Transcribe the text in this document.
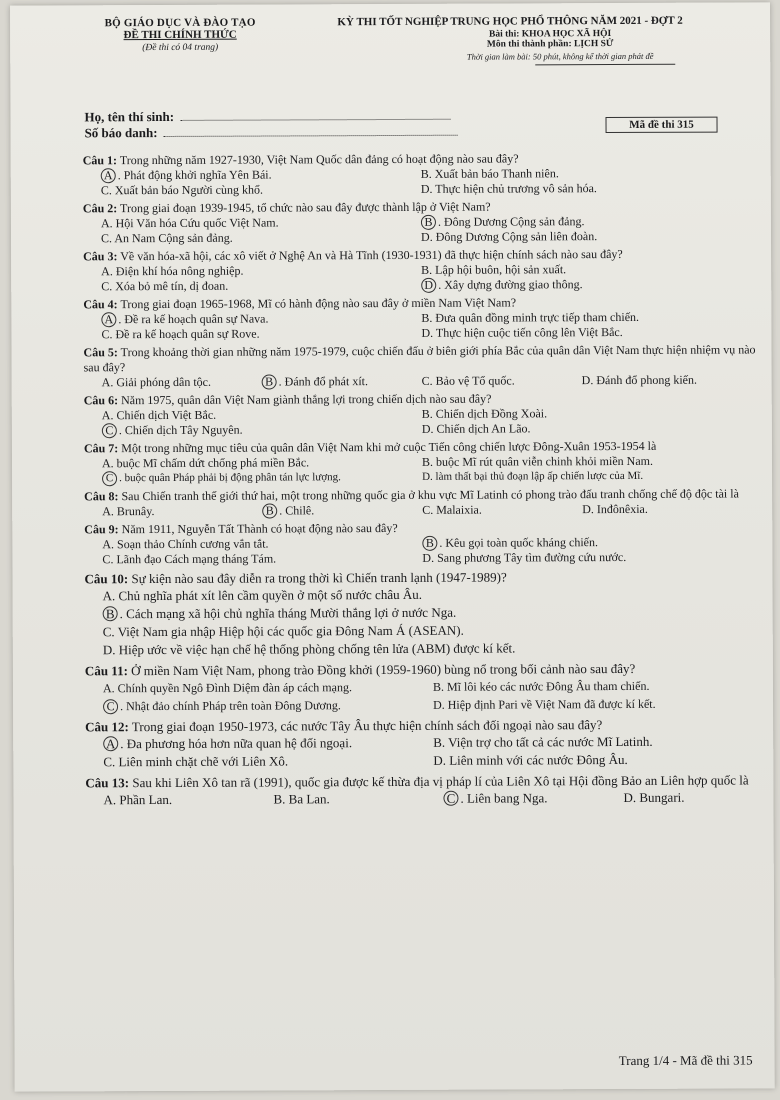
BỘ GIÁO DỤC VÀ ĐÀO TẠO
ĐỀ THI CHÍNH THỨC
(Đề thi có 04 trang)
KỲ THI TỐT NGHIỆP TRUNG HỌC PHỔ THÔNG NĂM 2021 - ĐỢT 2
Bài thi: KHOA HỌC XÃ HỘI
Môn thi thành phần: LỊCH SỬ
Thời gian làm bài: 50 phút, không kể thời gian phát đề
Họ, tên thí sinh:
Số báo danh:
Mã đề thi 315
Câu 1: Trong những năm 1927-1930, Việt Nam Quốc dân đảng có hoạt động nào sau đây?
A . Phát động khởi nghĩa Yên Bái.	B. Xuất bản báo Thanh niên.
C. Xuất bản báo Người cùng khổ.	D. Thực hiện chủ trương vô sản hóa.
Câu 2: Trong giai đoạn 1939-1945, tổ chức nào sau đây được thành lập ở Việt Nam?
A. Hội Văn hóa Cứu quốc Việt Nam.	B . Đông Dương Cộng sản đảng.
C. An Nam Cộng sản đảng.	D. Đông Dương Cộng sản liên đoàn.
Câu 3: Về văn hóa-xã hội, các xô viết ở Nghệ An và Hà Tĩnh (1930-1931) đã thực hiện chính sách nào sau đây?
A. Điện khí hóa nông nghiệp.	B. Lập hội buôn, hội sản xuất.
C. Xóa bỏ mê tín, dị đoan.	D . Xây dựng đường giao thông.
Câu 4: Trong giai đoạn 1965-1968, Mĩ có hành động nào sau đây ở miền Nam Việt Nam?
A . Đề ra kế hoạch quân sự Nava.	B. Đưa quân đồng minh trực tiếp tham chiến.
C. Đề ra kế hoạch quân sự Rove.	D. Thực hiện cuộc tiến công lên Việt Bắc.
Câu 5: Trong khoảng thời gian những năm 1975-1979, cuộc chiến đấu ở biên giới phía Bắc của quân dân Việt Nam thực hiện nhiệm vụ nào sau đây?
A. Giải phóng dân tộc.	B . Đánh đổ phát xít.	C. Bảo vệ Tổ quốc.	D. Đánh đổ phong kiến.
Câu 6: Năm 1975, quân dân Việt Nam giành thắng lợi trong chiến dịch nào sau đây?
A. Chiến dịch Việt Bắc.	B. Chiến dịch Đồng Xoài.
C . Chiến dịch Tây Nguyên.	D. Chiến dịch An Lão.
Câu 7: Một trong những mục tiêu của quân dân Việt Nam khi mở cuộc Tiến công chiến lược Đông-Xuân 1953-1954 là
A. buộc Mĩ chấm dứt chống phá miền Bắc.	B. buộc Mĩ rút quân viễn chinh khỏi miền Nam.
C . buộc quân Pháp phải bị động phân tán lực lượng.	D. làm thất bại thủ đoạn lập ấp chiến lược của Mĩ.
Câu 8: Sau Chiến tranh thế giới thứ hai, một trong những quốc gia ở khu vực Mĩ Latinh có phong trào đấu tranh chống chế độ độc tài là
A. Brunây.	B . Chilê.	C. Malaixia.	D. Inđônêxia.
Câu 9: Năm 1911, Nguyễn Tất Thành có hoạt động nào sau đây?
A. Soạn thảo Chính cương vắn tắt.	B . Kêu gọi toàn quốc kháng chiến.
C. Lãnh đạo Cách mạng tháng Tám.	D. Sang phương Tây tìm đường cứu nước.
Câu 10: Sự kiện nào sau đây diễn ra trong thời kì Chiến tranh lạnh (1947-1989)?
A. Chủ nghĩa phát xít lên cầm quyền ở một số nước châu Âu.
B . Cách mạng xã hội chủ nghĩa tháng Mười thắng lợi ở nước Nga.
C. Việt Nam gia nhập Hiệp hội các quốc gia Đông Nam Á (ASEAN).
D. Hiệp ước về việc hạn chế hệ thống phòng chống tên lửa (ABM) được kí kết.
Câu 11: Ở miền Nam Việt Nam, phong trào Đồng khởi (1959-1960) bùng nổ trong bối cảnh nào sau đây?
A. Chính quyền Ngô Đình Diệm đàn áp cách mạng.	B. Mĩ lôi kéo các nước Đông Âu tham chiến.
C . Nhật đảo chính Pháp trên toàn Đông Dương.	D. Hiệp định Pari về Việt Nam đã được kí kết.
Câu 12: Trong giai đoạn 1950-1973, các nước Tây Âu thực hiện chính sách đối ngoại nào sau đây?
A . Đa phương hóa hơn nữa quan hệ đối ngoại.	B. Viện trợ cho tất cả các nước Mĩ Latinh.
C. Liên minh chặt chẽ với Liên Xô.	D. Liên minh với các nước Đông Âu.
Câu 13: Sau khi Liên Xô tan rã (1991), quốc gia được kế thừa địa vị pháp lí của Liên Xô tại Hội đồng Bảo an Liên hợp quốc là
A. Phần Lan.	B. Ba Lan.	C . Liên bang Nga.	D. Bungari.
Trang 1/4 - Mã đề thi 315
